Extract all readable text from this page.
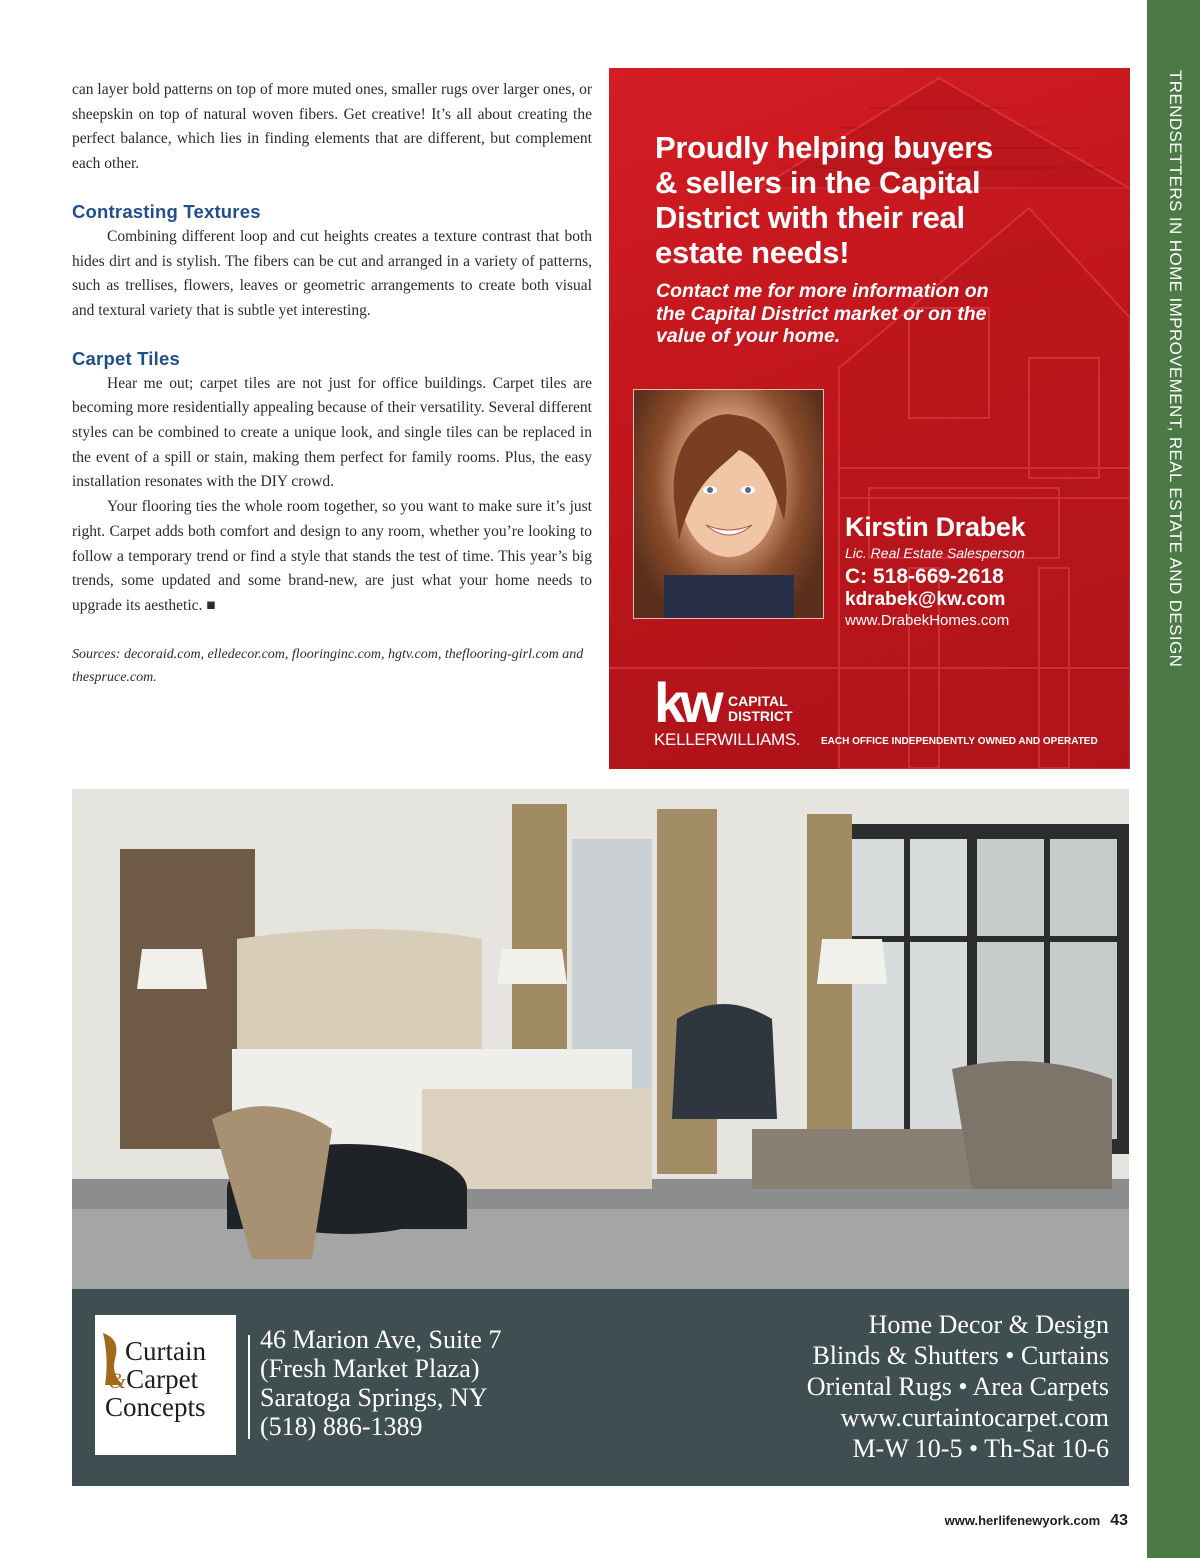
TRENDSETTERS IN HOME IMPROVEMENT, REAL ESTATE AND DESIGN

can layer bold patterns on top of more muted ones, smaller rugs over larger ones, or sheepskin on top of natural woven fibers. Get creative! It’s all about creating the perfect balance, which lies in finding elements that are different, but complement each other.

Contrasting Textures

Combining different loop and cut heights creates a texture contrast that both hides dirt and is stylish. The fibers can be cut and arranged in a variety of patterns, such as trellises, flowers, leaves or geometric arrangements to create both visual and textural variety that is subtle yet interesting.

Carpet Tiles

Hear me out; carpet tiles are not just for office buildings. Carpet tiles are becoming more residentially appealing because of their versatility. Several different styles can be combined to create a unique look, and single tiles can be replaced in the event of a spill or stain, making them perfect for family rooms. Plus, the easy installation resonates with the DIY crowd.

Your flooring ties the whole room together, so you want to make sure it’s just right. Carpet adds both comfort and design to any room, whether you’re looking to follow a temporary trend or find a style that stands the test of time. This year’s big trends, some updated and some brand-new, are just what your home needs to upgrade its aesthetic. ■

Sources: decoraid.com, elledecor.com, flooringinc.com, hgtv.com, theflooring-girl.com and thespruce.com.
Proudly helping buyers & sellers in the Capital District with their real estate needs!
Contact me for more information on the Capital District market or on the value of your home.
Kirstin Drabek
Lic. Real Estate Salesperson
C: 518-669-2618
kdrabek@kw.com
www.DrabekHomes.com
kw CAPITAL
DISTRICT
KELLERWILLIAMS. EACH OFFICE INDEPENDENTLY OWNED AND OPERATED
Curtain
&Carpet
Concepts
46 Marion Ave, Suite 7
(Fresh Market Plaza)
Saratoga Springs, NY
(518) 886-1389
Home Decor & Design
Blinds & Shutters • Curtains
Oriental Rugs • Area Carpets
www.curtaintocarpet.com
M-W 10-5 • Th-Sat 10-6
www.herlifenewyork.com 43
